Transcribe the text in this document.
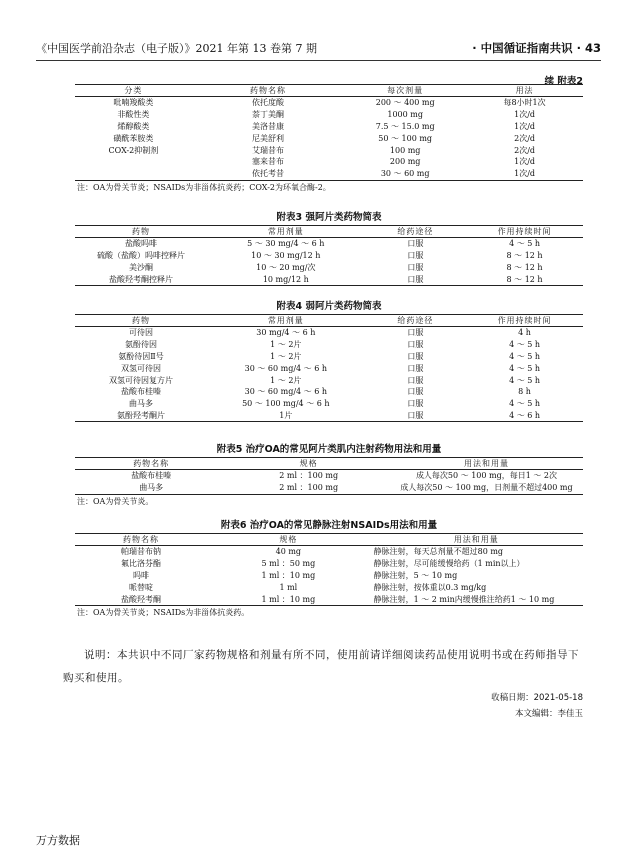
《中国医学前沿杂志（电子版）》2021 年第 13 卷第 7 期	· 中国循证指南共识 · 43
续 附表2
分类	药物名称	每次剂量	用法
吡喃羧酸类	依托度酸	200 ～ 400 mg	每8小时1次
非酸性类	萘丁美酮	1000 mg	1次/d
烯醇酸类	美洛昔康	7.5 ～ 15.0 mg	1次/d
磺酰苯胺类	尼美舒利	50 ～ 100 mg	2次/d
COX-2抑制剂	艾瑞昔布	100 mg	2次/d
	塞来昔布	200 mg	1次/d
	依托考昔	30 ～ 60 mg	1次/d
注：OA为骨关节炎；NSAIDs为非甾体抗炎药；COX-2为环氧合酶-2。
附表3 强阿片类药物简表
药物	常用剂量	给药途径	作用持续时间
盐酸吗啡	5 ～ 30 mg/4 ～ 6 h	口服	4 ～ 5 h
硫酸（盐酸）吗啡控释片	10 ～ 30 mg/12 h	口服	8 ～ 12 h
美沙酮	10 ～ 20 mg/次	口服	8 ～ 12 h
盐酸羟考酮控释片	10 mg/12 h	口服	8 ～ 12 h
附表4 弱阿片类药物简表
药物	常用剂量	给药途径	作用持续时间
可待因	30 mg/4 ～ 6 h	口服	4 h
氨酚待因	1 ～ 2片	口服	4 ～ 5 h
氨酚待因Ⅱ号	1 ～ 2片	口服	4 ～ 5 h
双氢可待因	30 ～ 60 mg/4 ～ 6 h	口服	4 ～ 5 h
双氢可待因复方片	1 ～ 2片	口服	4 ～ 5 h
盐酸布桂嗪	30 ～ 60 mg/4 ～ 6 h	口服	8 h
曲马多	50 ～ 100 mg/4 ～ 6 h	口服	4 ～ 5 h
氨酚羟考酮片	1片	口服	4 ～ 6 h
附表5 治疗OA的常见阿片类肌内注射药物用法和用量
药物名称	规格	用法和用量
盐酸布桂嗪	2 ml ：100 mg	成人每次50 ～ 100 mg，每日1 ～ 2次
曲马多	2 ml ：100 mg	成人每次50 ～ 100 mg，日剂量不超过400 mg
注：OA为骨关节炎。
附表6 治疗OA的常见静脉注射NSAIDs用法和用量
药物名称	规格	用法和用量
帕瑞昔布钠	40 mg	静脉注射，每天总剂量不超过80 mg
氟比洛芬酯	5 ml ：50 mg	静脉注射，尽可能缓慢给药（1 min以上）
吗啡	1 ml ：10 mg	静脉注射，5 ～ 10 mg
哌替啶	1 ml	静脉注射，按体重以0.3 mg/kg
盐酸羟考酮	1 ml ：10 mg	静脉注射，1 ～ 2 min内缓慢推注给药1 ～ 10 mg
注：OA为骨关节炎；NSAIDs为非甾体抗炎药。
说明：本共识中不同厂家药物规格和剂量有所不同，使用前请详细阅读药品使用说明书或在药师指导下购买和使用。
收稿日期：2021-05-18
本文编辑：李佳玉
万方数据
